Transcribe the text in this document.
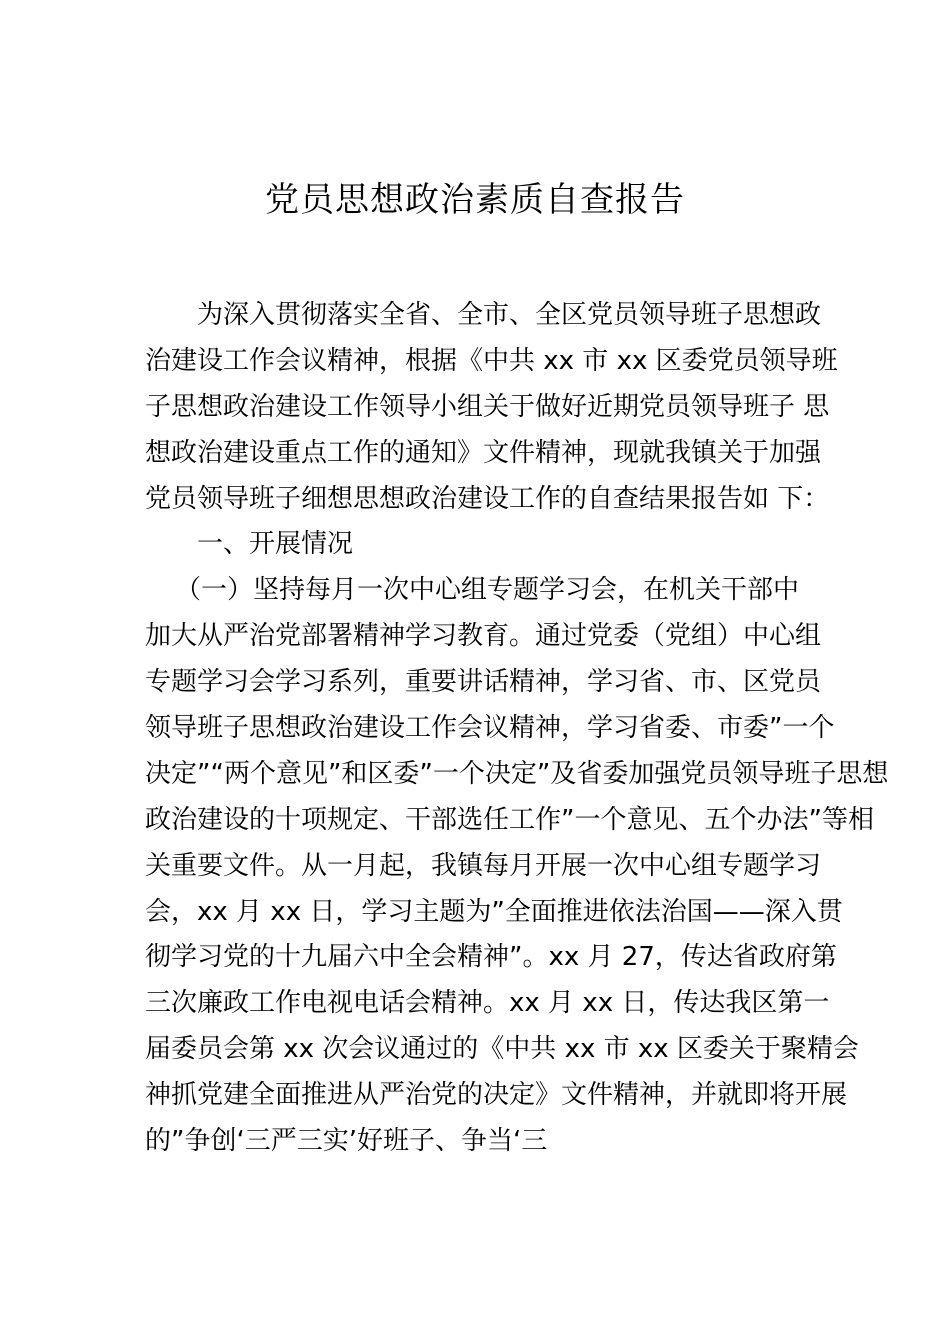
党员思想政治素质自查报告
为深入贯彻落实全省、全市、全区党员领导班子思想政
治建设工作会议精神，根据《中共 xx 市 xx 区委党员领导班
子思想政治建设工作领导小组关于做好近期党员领导班子 思
想政治建设重点工作的通知》文件精神，现就我镇关于加强
党员领导班子细想思想政治建设工作的自查结果报告如 下：
一、开展情况
（一）坚持每月一次中心组专题学习会，在机关干部中
加大从严治党部署精神学习教育。通过党委（党组）中心组
专题学习会学习系列，重要讲话精神，学习省、市、区党员
领导班子思想政治建设工作会议精神，学习省委、市委”一个
决定”“两个意见”和区委”一个决定”及省委加强党员领导班子思想
政治建设的十项规定、干部选任工作”一个意见、五个办法”等相
关重要文件。从一月起，我镇每月开展一次中心组专题学习
会，xx 月 xx 日，学习主题为”全面推进依法治国——深入贯
彻学习党的十九届六中全会精神”。xx 月 27，传达省政府第
三次廉政工作电视电话会精神。xx 月 xx 日，传达我区第一
届委员会第 xx 次会议通过的《中共 xx 市 xx 区委关于聚精会
神抓党建全面推进从严治党的决定》文件精神，并就即将开展
的”争创‘三严三实’好班子、争当‘三
